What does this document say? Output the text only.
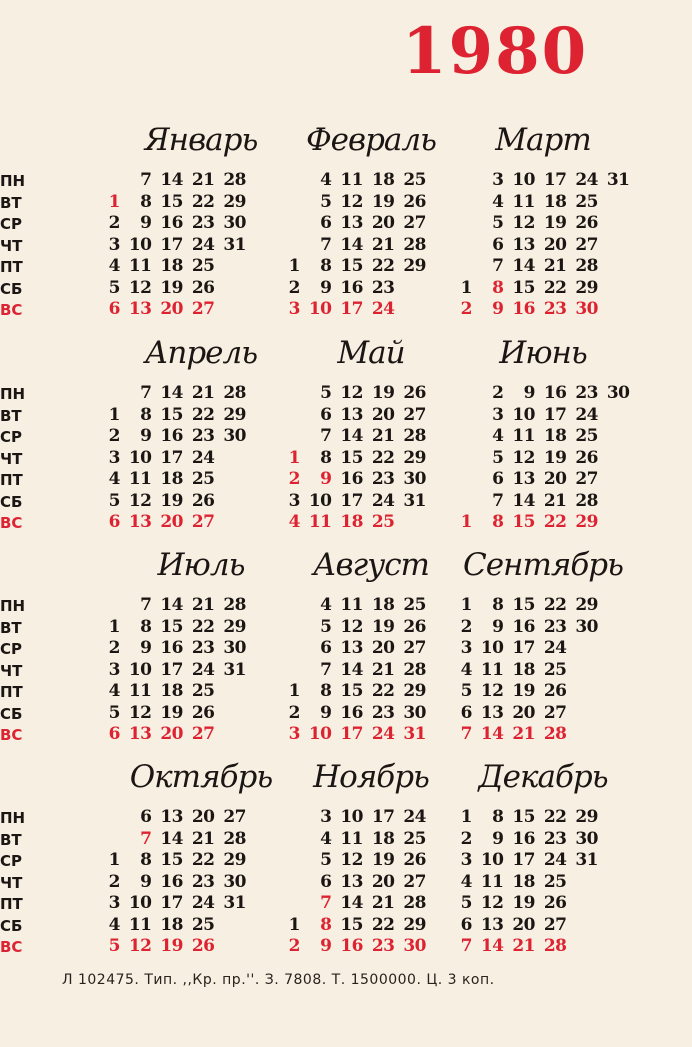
1980
Январь
ПН
ВТ
СР
ЧТ
ПТ
СБ
ВС
1
2
3
4
5
6
7
8
9
10
11
12
13
14
15
16
17
18
19
20
21
22
23
24
25
26
27
28
29
30
31
Февраль
1
2
3
4
5
6
7
8
9
10
11
12
13
14
15
16
17
18
19
20
21
22
23
24
25
26
27
28
29
Март
1
2
3
4
5
6
7
8
9
10
11
12
13
14
15
16
17
18
19
20
21
22
23
24
25
26
27
28
29
30
31
Апрель
ПН
ВТ
СР
ЧТ
ПТ
СБ
ВС
1
2
3
4
5
6
7
8
9
10
11
12
13
14
15
16
17
18
19
20
21
22
23
24
25
26
27
28
29
30
Май
1
2
3
4
5
6
7
8
9
10
11
12
13
14
15
16
17
18
19
20
21
22
23
24
25
26
27
28
29
30
31
Июнь
1
2
3
4
5
6
7
8
9
10
11
12
13
14
15
16
17
18
19
20
21
22
23
24
25
26
27
28
29
30
Июль
ПН
ВТ
СР
ЧТ
ПТ
СБ
ВС
1
2
3
4
5
6
7
8
9
10
11
12
13
14
15
16
17
18
19
20
21
22
23
24
25
26
27
28
29
30
31
Август
1
2
3
4
5
6
7
8
9
10
11
12
13
14
15
16
17
18
19
20
21
22
23
24
25
26
27
28
29
30
31
Сентябрь
1
2
3
4
5
6
7
8
9
10
11
12
13
14
15
16
17
18
19
20
21
22
23
24
25
26
27
28
29
30
Октябрь
ПН
ВТ
СР
ЧТ
ПТ
СБ
ВС
1
2
3
4
5
6
7
8
9
10
11
12
13
14
15
16
17
18
19
20
21
22
23
24
25
26
27
28
29
30
31
Ноябрь
1
2
3
4
5
6
7
8
9
10
11
12
13
14
15
16
17
18
19
20
21
22
23
24
25
26
27
28
29
30
Декабрь
1
2
3
4
5
6
7
8
9
10
11
12
13
14
15
16
17
18
19
20
21
22
23
24
25
26
27
28
29
30
31
Л 102475. Тип. ,,Кр. пр.''. З. 7808. Т. 1500000. Ц. 3 коп.
